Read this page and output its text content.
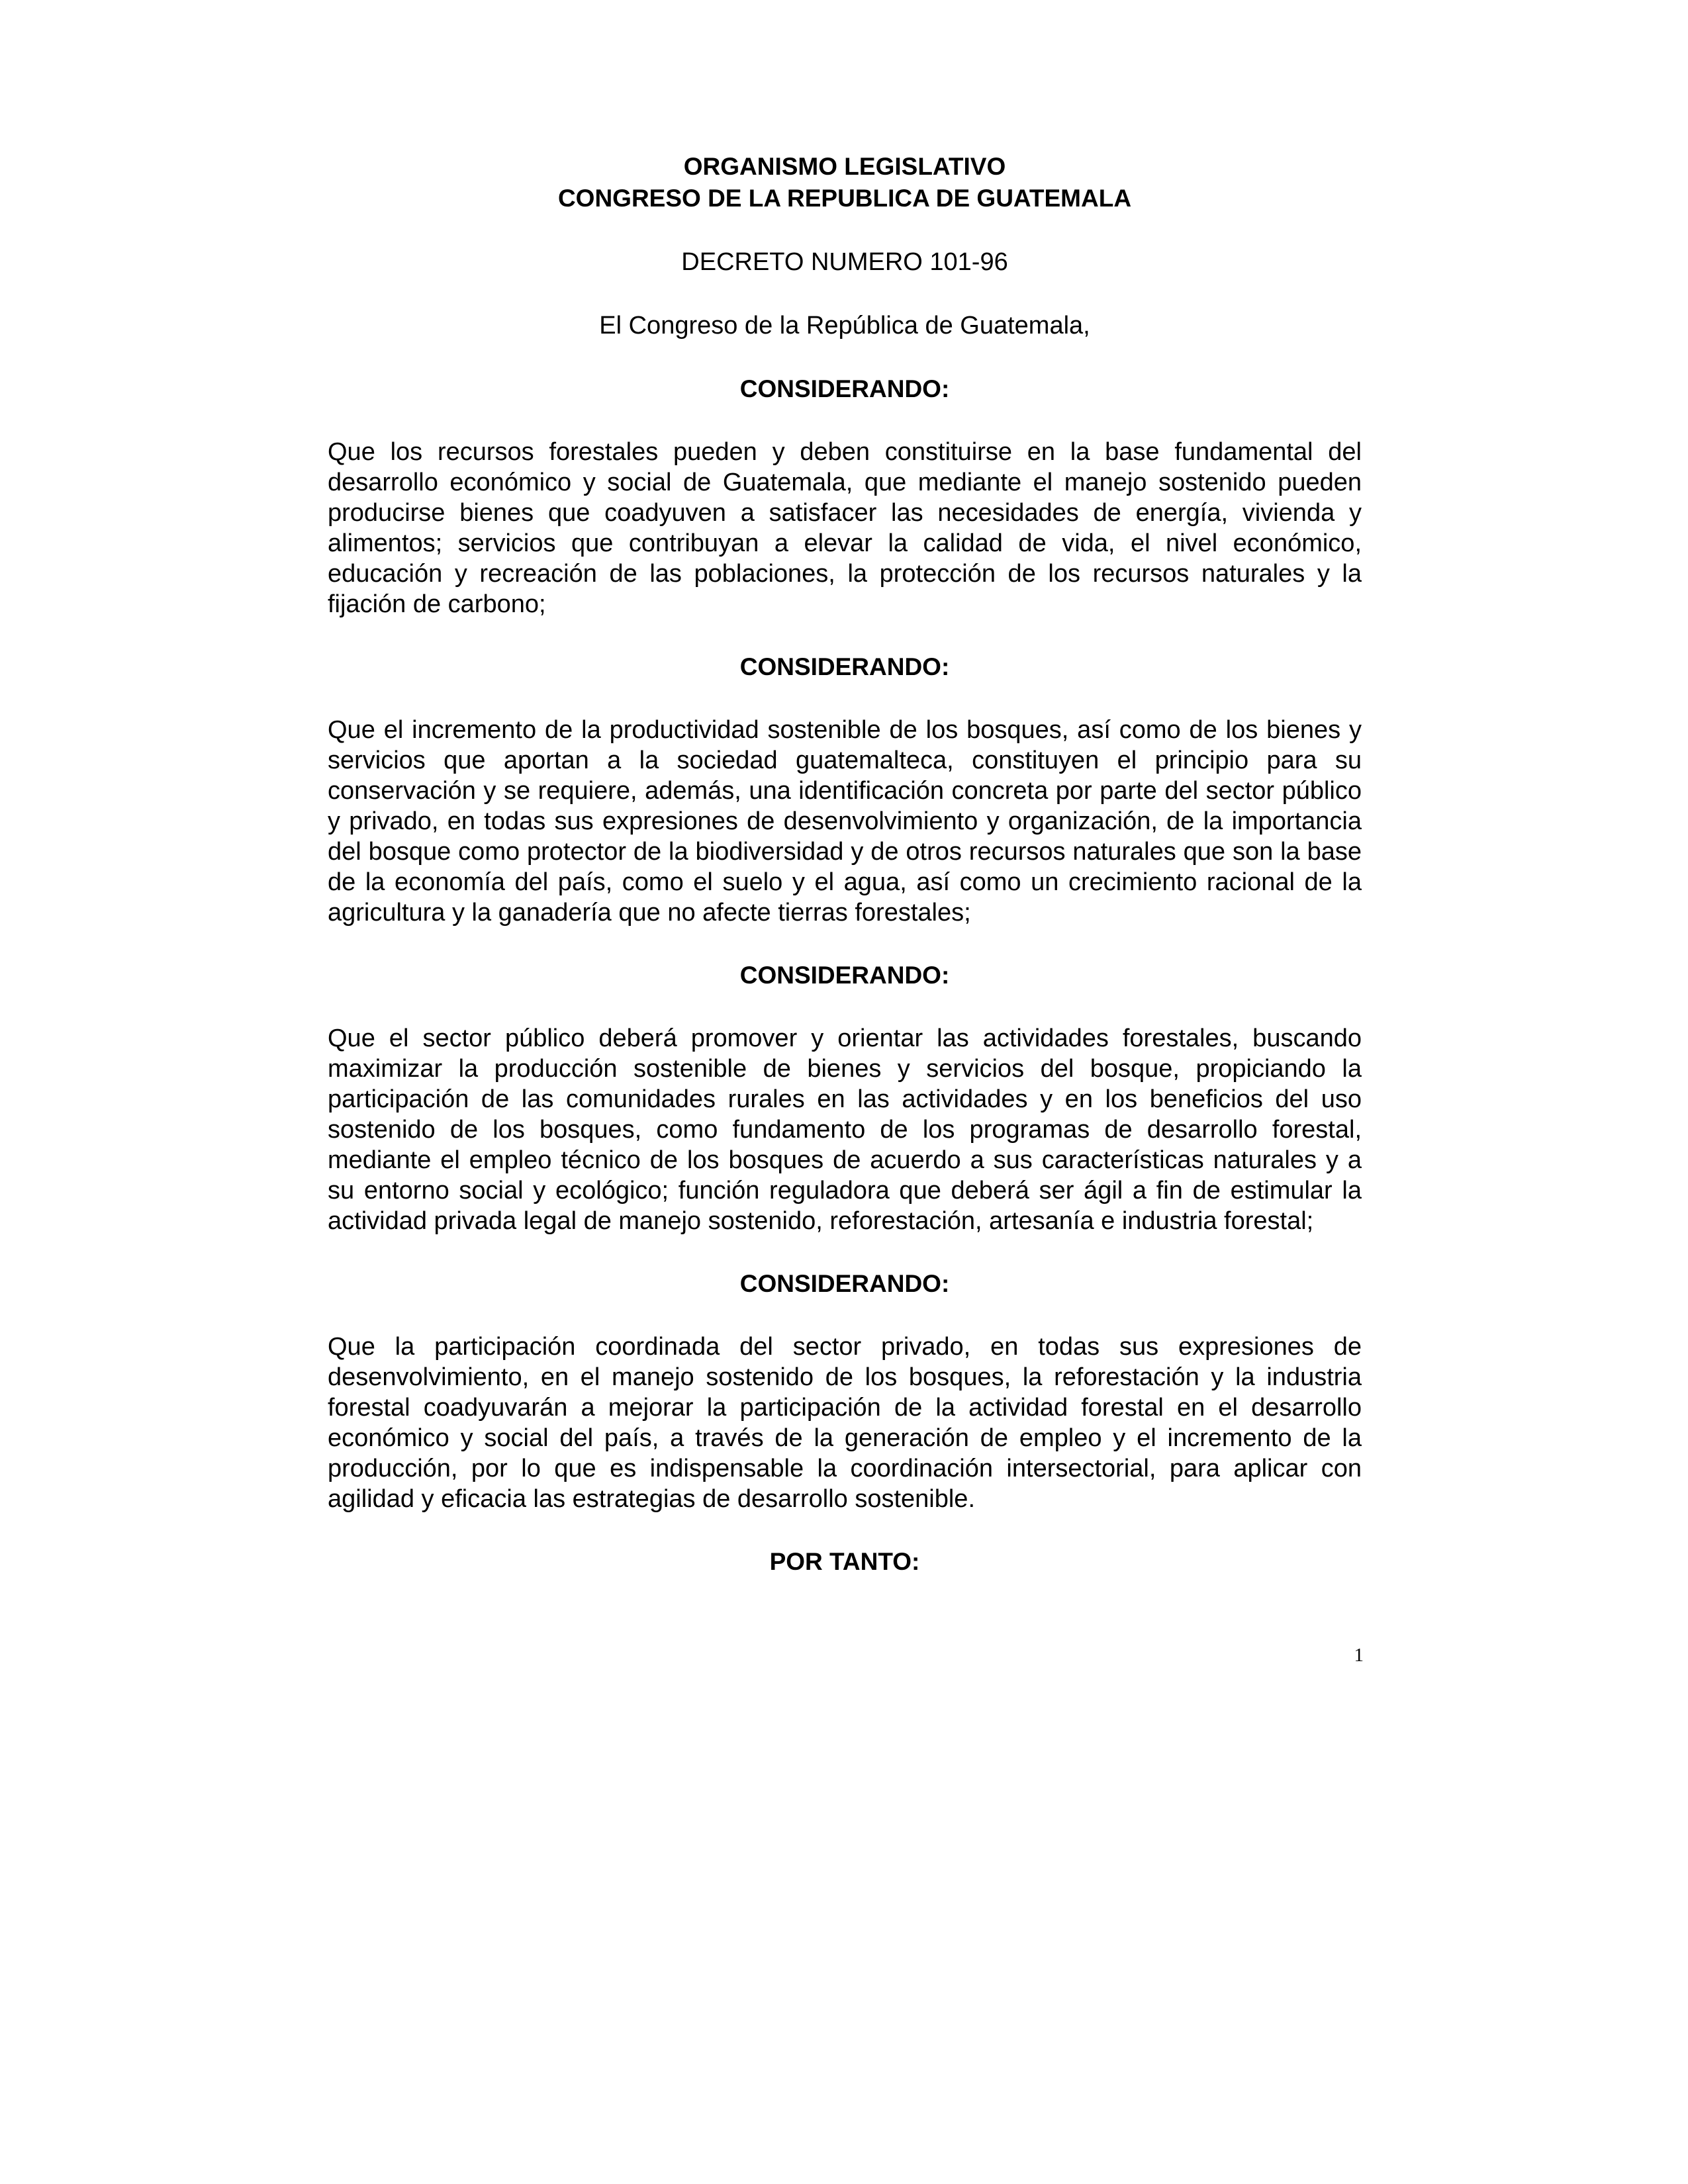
ORGANISMO LEGISLATIVO

CONGRESO DE LA REPUBLICA DE GUATEMALA

DECRETO NUMERO 101-96

El Congreso de la República de Guatemala,

CONSIDERANDO:

Que los recursos forestales pueden y deben constituirse en la base fundamental del desarrollo económico y social de Guatemala, que mediante el manejo sostenido pueden producirse bienes que coadyuven a satisfacer las necesidades de energía, vivienda y alimentos; servicios que contribuyan a elevar la calidad de vida, el nivel económico, educación y recreación de las poblaciones, la protección de los recursos naturales y la fijación de carbono;

CONSIDERANDO:

Que el incremento de la productividad sostenible de los bosques, así como de los bienes y servicios que aportan a la sociedad guatemalteca, constituyen el principio para su conservación y se requiere, además, una identificación concreta por parte del sector público y privado, en todas sus expresiones de desenvolvimiento y organización, de la importancia del bosque como protector de la biodiversidad y de otros recursos naturales que son la base de la economía del país, como el suelo y el agua, así como un crecimiento racional de la agricultura y la ganadería que no afecte tierras forestales;

CONSIDERANDO:

Que el sector público deberá promover y orientar las actividades forestales, buscando maximizar la producción sostenible de bienes y servicios del bosque, propiciando la participación de las comunidades rurales en las actividades y en los beneficios del uso sostenido de los bosques, como fundamento de los programas de desarrollo forestal, mediante el empleo técnico de los bosques de acuerdo a sus características naturales y a su entorno social y ecológico; función reguladora que deberá ser ágil a fin de estimular la actividad privada legal de manejo sostenido, reforestación, artesanía e industria forestal;

CONSIDERANDO:

Que la participación coordinada del sector privado, en todas sus expresiones de desenvolvimiento, en el manejo sostenido de los bosques, la reforestación y la industria forestal coadyuvarán a mejorar la participación de la actividad forestal en el desarrollo económico y social del país, a través de la generación de empleo y el incremento de la producción, por lo que es indispensable la coordinación intersectorial, para aplicar con agilidad y eficacia las estrategias de desarrollo sostenible.

POR TANTO:

1
